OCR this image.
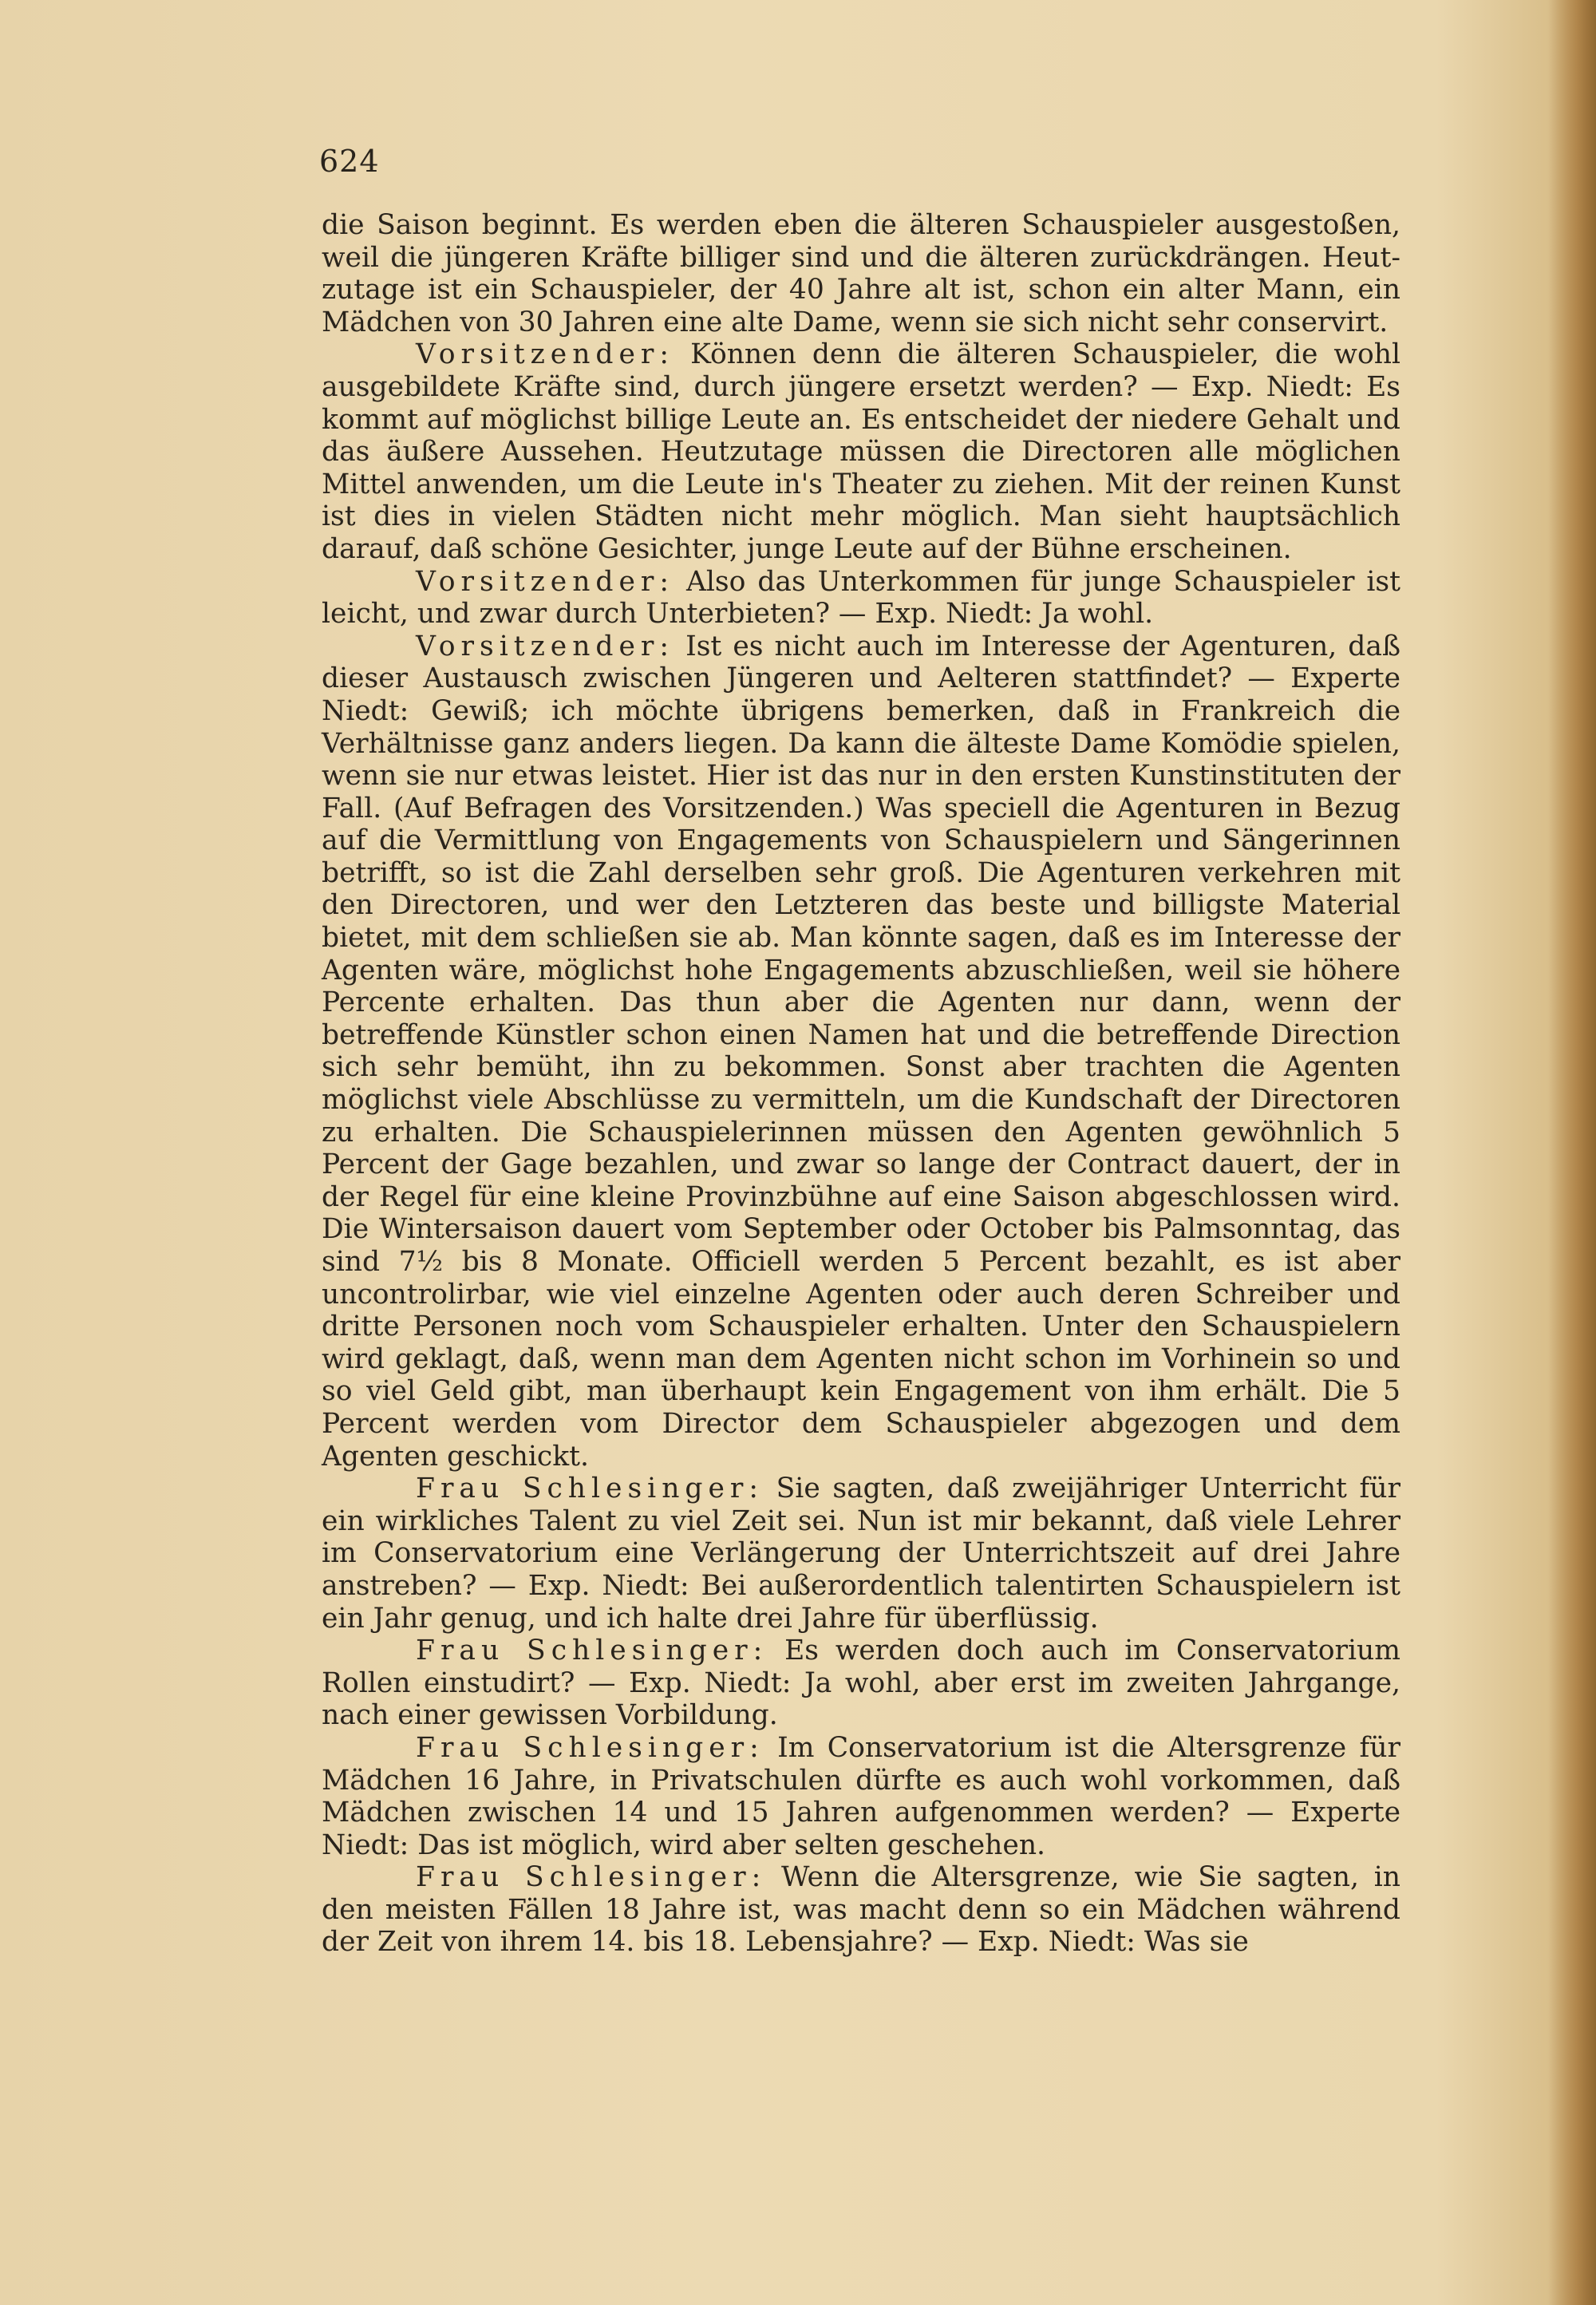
624

die Saison beginnt. Es werden eben die älteren Schauspieler ausgestoßen, weil die jüngeren Kräfte billiger sind und die älteren zurückdrängen. Heutzutage ist ein Schauspieler, der 40 Jahre alt ist, schon ein alter Mann, ein Mädchen von 30 Jahren eine alte Dame, wenn sie sich nicht sehr conservirt.

Vorsitzender: Können denn die älteren Schauspieler, die wohl ausgebildete Kräfte sind, durch jüngere ersetzt werden? — Exp. Niedt: Es kommt auf möglichst billige Leute an. Es entscheidet der niedere Gehalt und das äußere Aussehen. Heutzutage müssen die Directoren alle möglichen Mittel anwenden, um die Leute in's Theater zu ziehen. Mit der reinen Kunst ist dies in vielen Städten nicht mehr möglich. Man sieht hauptsächlich darauf, daß schöne Gesichter, junge Leute auf der Bühne erscheinen.

Vorsitzender: Also das Unterkommen für junge Schauspieler ist leicht, und zwar durch Unterbieten? — Exp. Niedt: Ja wohl.

Vorsitzender: Ist es nicht auch im Interesse der Agenturen, daß dieser Austausch zwischen Jüngeren und Aelteren stattfindet? — Experte Niedt: Gewiß; ich möchte übrigens bemerken, daß in Frankreich die Verhältnisse ganz anders liegen. Da kann die älteste Dame Komödie spielen, wenn sie nur etwas leistet. Hier ist das nur in den ersten Kunstinstituten der Fall. (Auf Befragen des Vorsitzenden.) Was speciell die Agenturen in Bezug auf die Vermittlung von Engagements von Schauspielern und Sängerinnen betrifft, so ist die Zahl derselben sehr groß. Die Agenturen verkehren mit den Directoren, und wer den Letzteren das beste und billigste Material bietet, mit dem schließen sie ab. Man könnte sagen, daß es im Interesse der Agenten wäre, möglichst hohe Engagements abzuschließen, weil sie höhere Percente erhalten. Das thun aber die Agenten nur dann, wenn der betreffende Künstler schon einen Namen hat und die betreffende Direction sich sehr bemüht, ihn zu bekommen. Sonst aber trachten die Agenten möglichst viele Abschlüsse zu vermitteln, um die Kundschaft der Directoren zu erhalten. Die Schauspielerinnen müssen den Agenten gewöhnlich 5 Percent der Gage bezahlen, und zwar so lange der Contract dauert, der in der Regel für eine kleine Provinzbühne auf eine Saison abgeschlossen wird. Die Wintersaison dauert vom September oder October bis Palmsonntag, das sind 7½ bis 8 Monate. Officiell werden 5 Percent bezahlt, es ist aber uncontrolirbar, wie viel einzelne Agenten oder auch deren Schreiber und dritte Personen noch vom Schauspieler erhalten. Unter den Schauspielern wird geklagt, daß, wenn man dem Agenten nicht schon im Vorhinein so und so viel Geld gibt, man überhaupt kein Engagement von ihm erhält. Die 5 Percent werden vom Director dem Schauspieler abgezogen und dem Agenten geschickt.

Frau Schlesinger: Sie sagten, daß zweijähriger Unterricht für ein wirkliches Talent zu viel Zeit sei. Nun ist mir bekannt, daß viele Lehrer im Conservatorium eine Verlängerung der Unterrichtszeit auf drei Jahre anstreben? — Exp. Niedt: Bei außerordentlich talentirten Schauspielern ist ein Jahr genug, und ich halte drei Jahre für überflüssig.

Frau Schlesinger: Es werden doch auch im Conservatorium Rollen einstudirt? — Exp. Niedt: Ja wohl, aber erst im zweiten Jahrgange, nach einer gewissen Vorbildung.

Frau Schlesinger: Im Conservatorium ist die Altersgrenze für Mädchen 16 Jahre, in Privatschulen dürfte es auch wohl vorkommen, daß Mädchen zwischen 14 und 15 Jahren aufgenommen werden? — Experte Niedt: Das ist möglich, wird aber selten geschehen.

Frau Schlesinger: Wenn die Altersgrenze, wie Sie sagten, in den meisten Fällen 18 Jahre ist, was macht denn so ein Mädchen während der Zeit von ihrem 14. bis 18. Lebensjahre? — Exp. Niedt: Was sie
